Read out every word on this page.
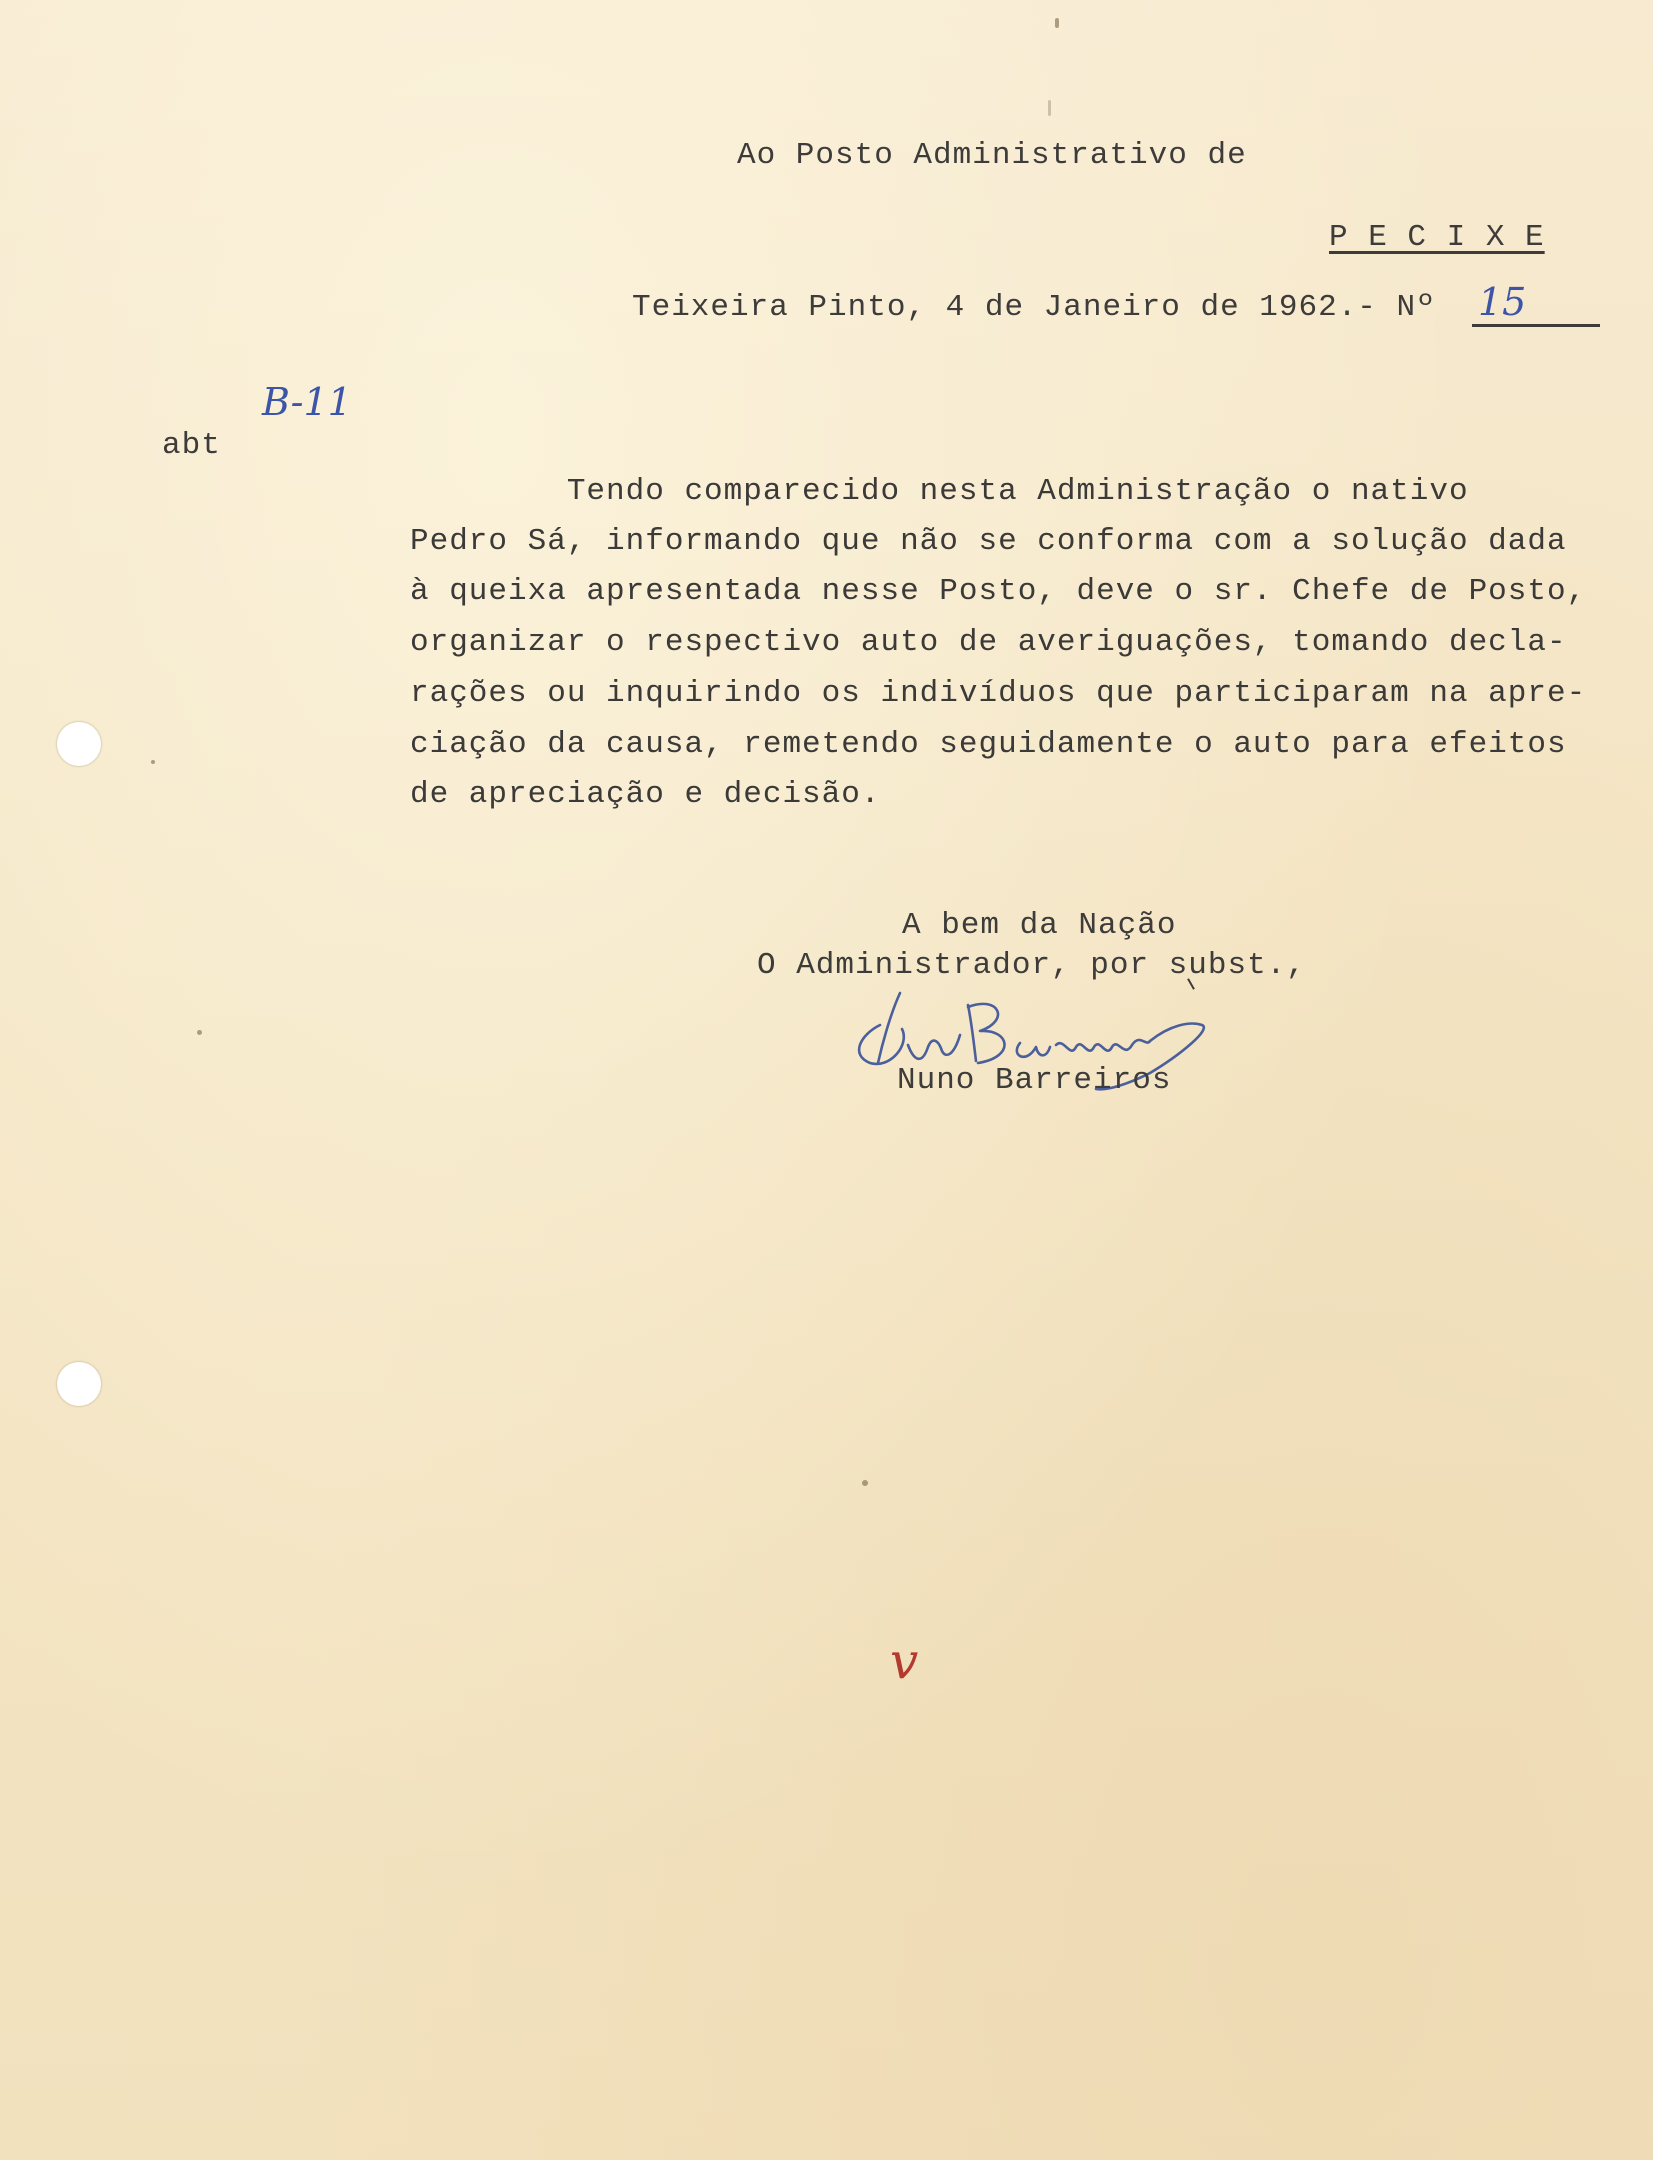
Ao Posto Administrativo de
P E C I X E
Teixeira Pinto, 4 de Janeiro de 1962.- Nº 15
B-11
abt
Tendo comparecido nesta Administração o nativo
Pedro Sá, informando que não se conforma com a solução dada
à queixa apresentada nesse Posto, deve o sr. Chefe de Posto,
organizar o respectivo auto de averiguações, tomando decla-
rações ou inquirindo os indivíduos que participaram na apre-
ciação da causa, remetendo seguidamente o auto para efeitos
de apreciação e decisão.
A bem da Nação
O Administrador, por subst.,
Nuno Barreiros
v
